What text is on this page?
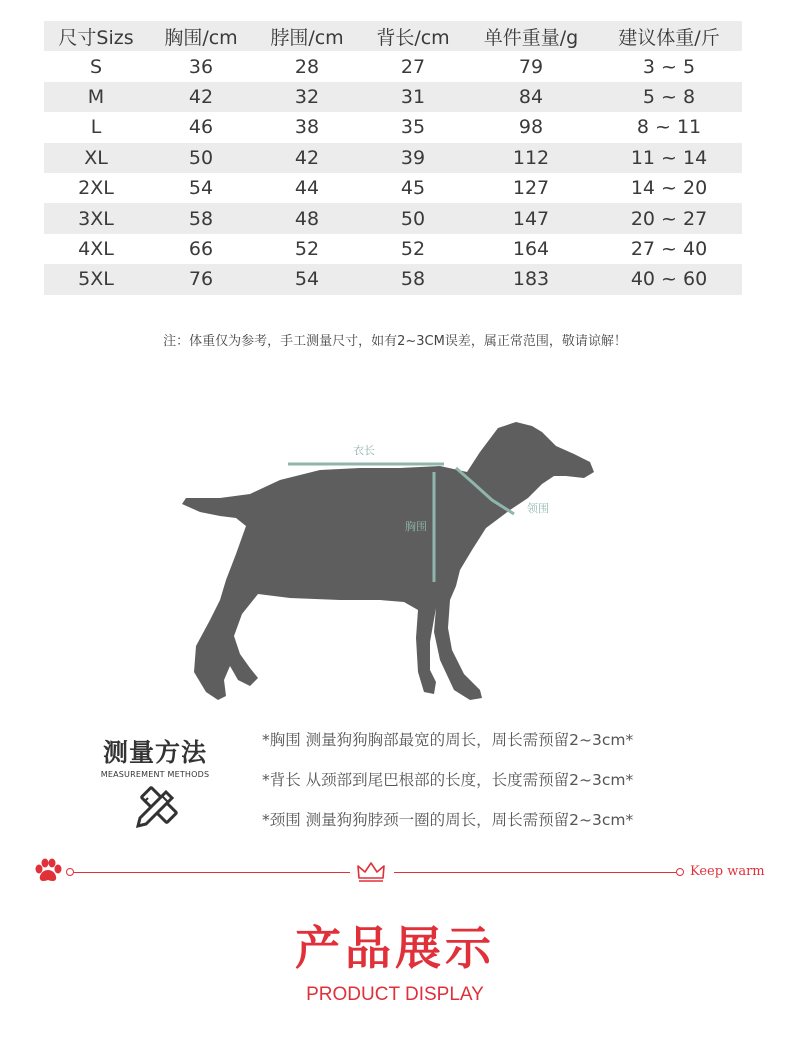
尺寸Sizs	胸围/cm	脖围/cm	背长/cm	单件重量/g	建议体重/斤
S	36	28	27	79	3 ~ 5
M	42	32	31	84	5 ~ 8
L	46	38	35	98	8 ~ 11
XL	50	42	39	112	11 ~ 14
2XL	54	44	45	127	14 ~ 20
3XL	58	48	50	147	20 ~ 27
4XL	66	52	52	164	27 ~ 40
5XL	76	54	58	183	40 ~ 60
注：体重仅为参考，手工测量尺寸，如有2~3CM误差，属正常范围，敬请谅解！
衣长
胸围
领围
测量方法
MEASUREMENT METHODS
*胸围 测量狗狗胸部最宽的周长，周长需预留2~3cm*
*背长 从颈部到尾巴根部的长度，长度需预留2~3cm*
*颈围 测量狗狗脖颈一圈的周长，周长需预留2~3cm*
Keep warm
产品展示
PRODUCT DISPLAY
